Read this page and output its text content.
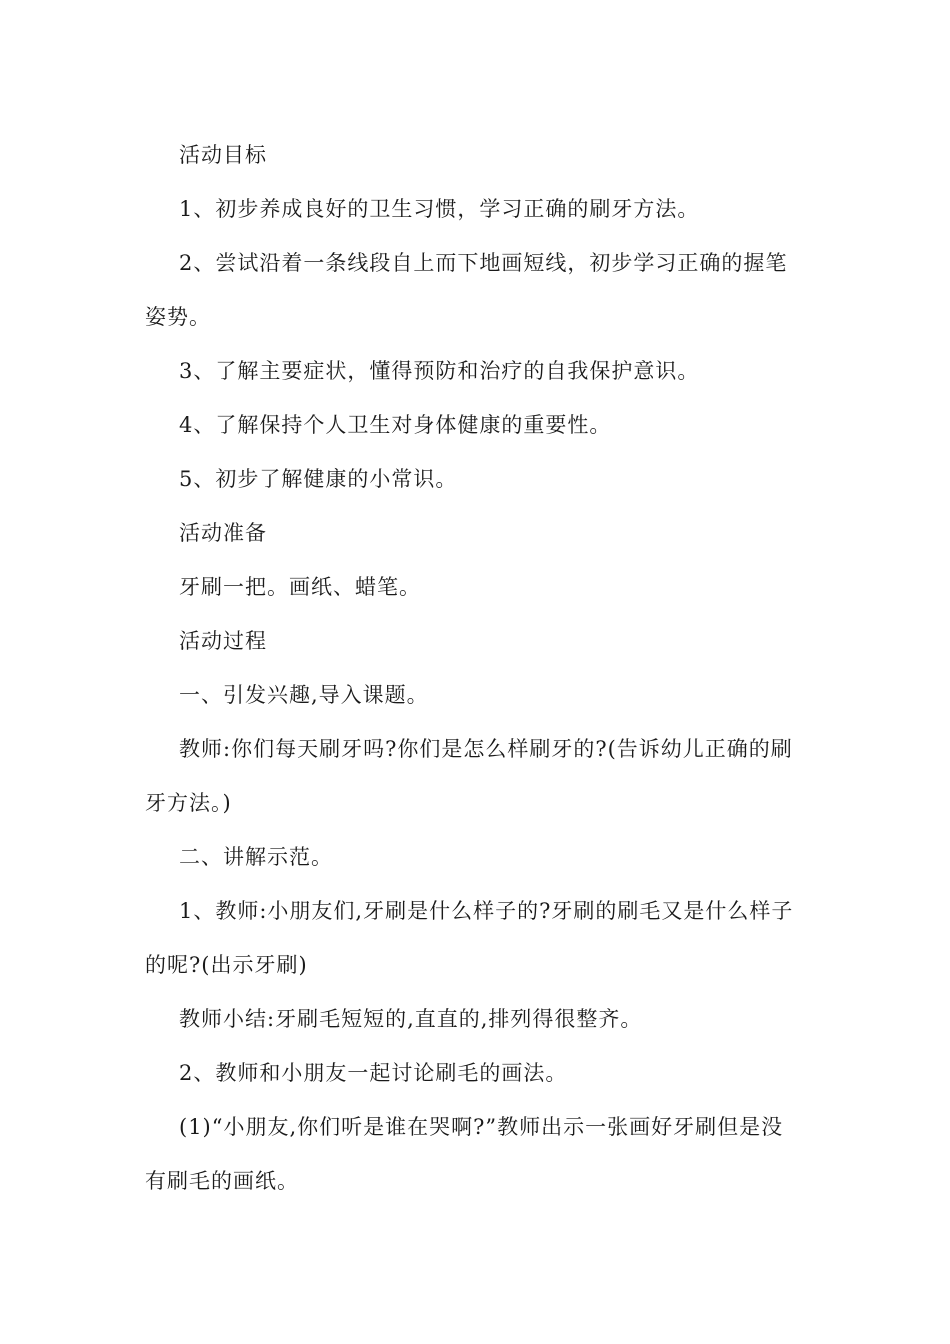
活动目标

1、初步养成良好的卫生习惯，学习正确的刷牙方法。

2、尝试沿着一条线段自上而下地画短线，初步学习正确的握笔姿势。

3、了解主要症状，懂得预防和治疗的自我保护意识。

4、了解保持个人卫生对身体健康的重要性。

5、初步了解健康的小常识。

活动准备

牙刷一把。画纸、蜡笔。

活动过程

一、引发兴趣,导入课题。

教师:你们每天刷牙吗?你们是怎么样刷牙的?(告诉幼儿正确的刷牙方法。)

二、讲解示范。

1、教师:小朋友们,牙刷是什么样子的?牙刷的刷毛又是什么样子的呢?(出示牙刷)

教师小结:牙刷毛短短的,直直的,排列得很整齐。

2、教师和小朋友一起讨论刷毛的画法。

(1)“小朋友,你们听是谁在哭啊?”教师出示一张画好牙刷但是没有刷毛的画纸。
